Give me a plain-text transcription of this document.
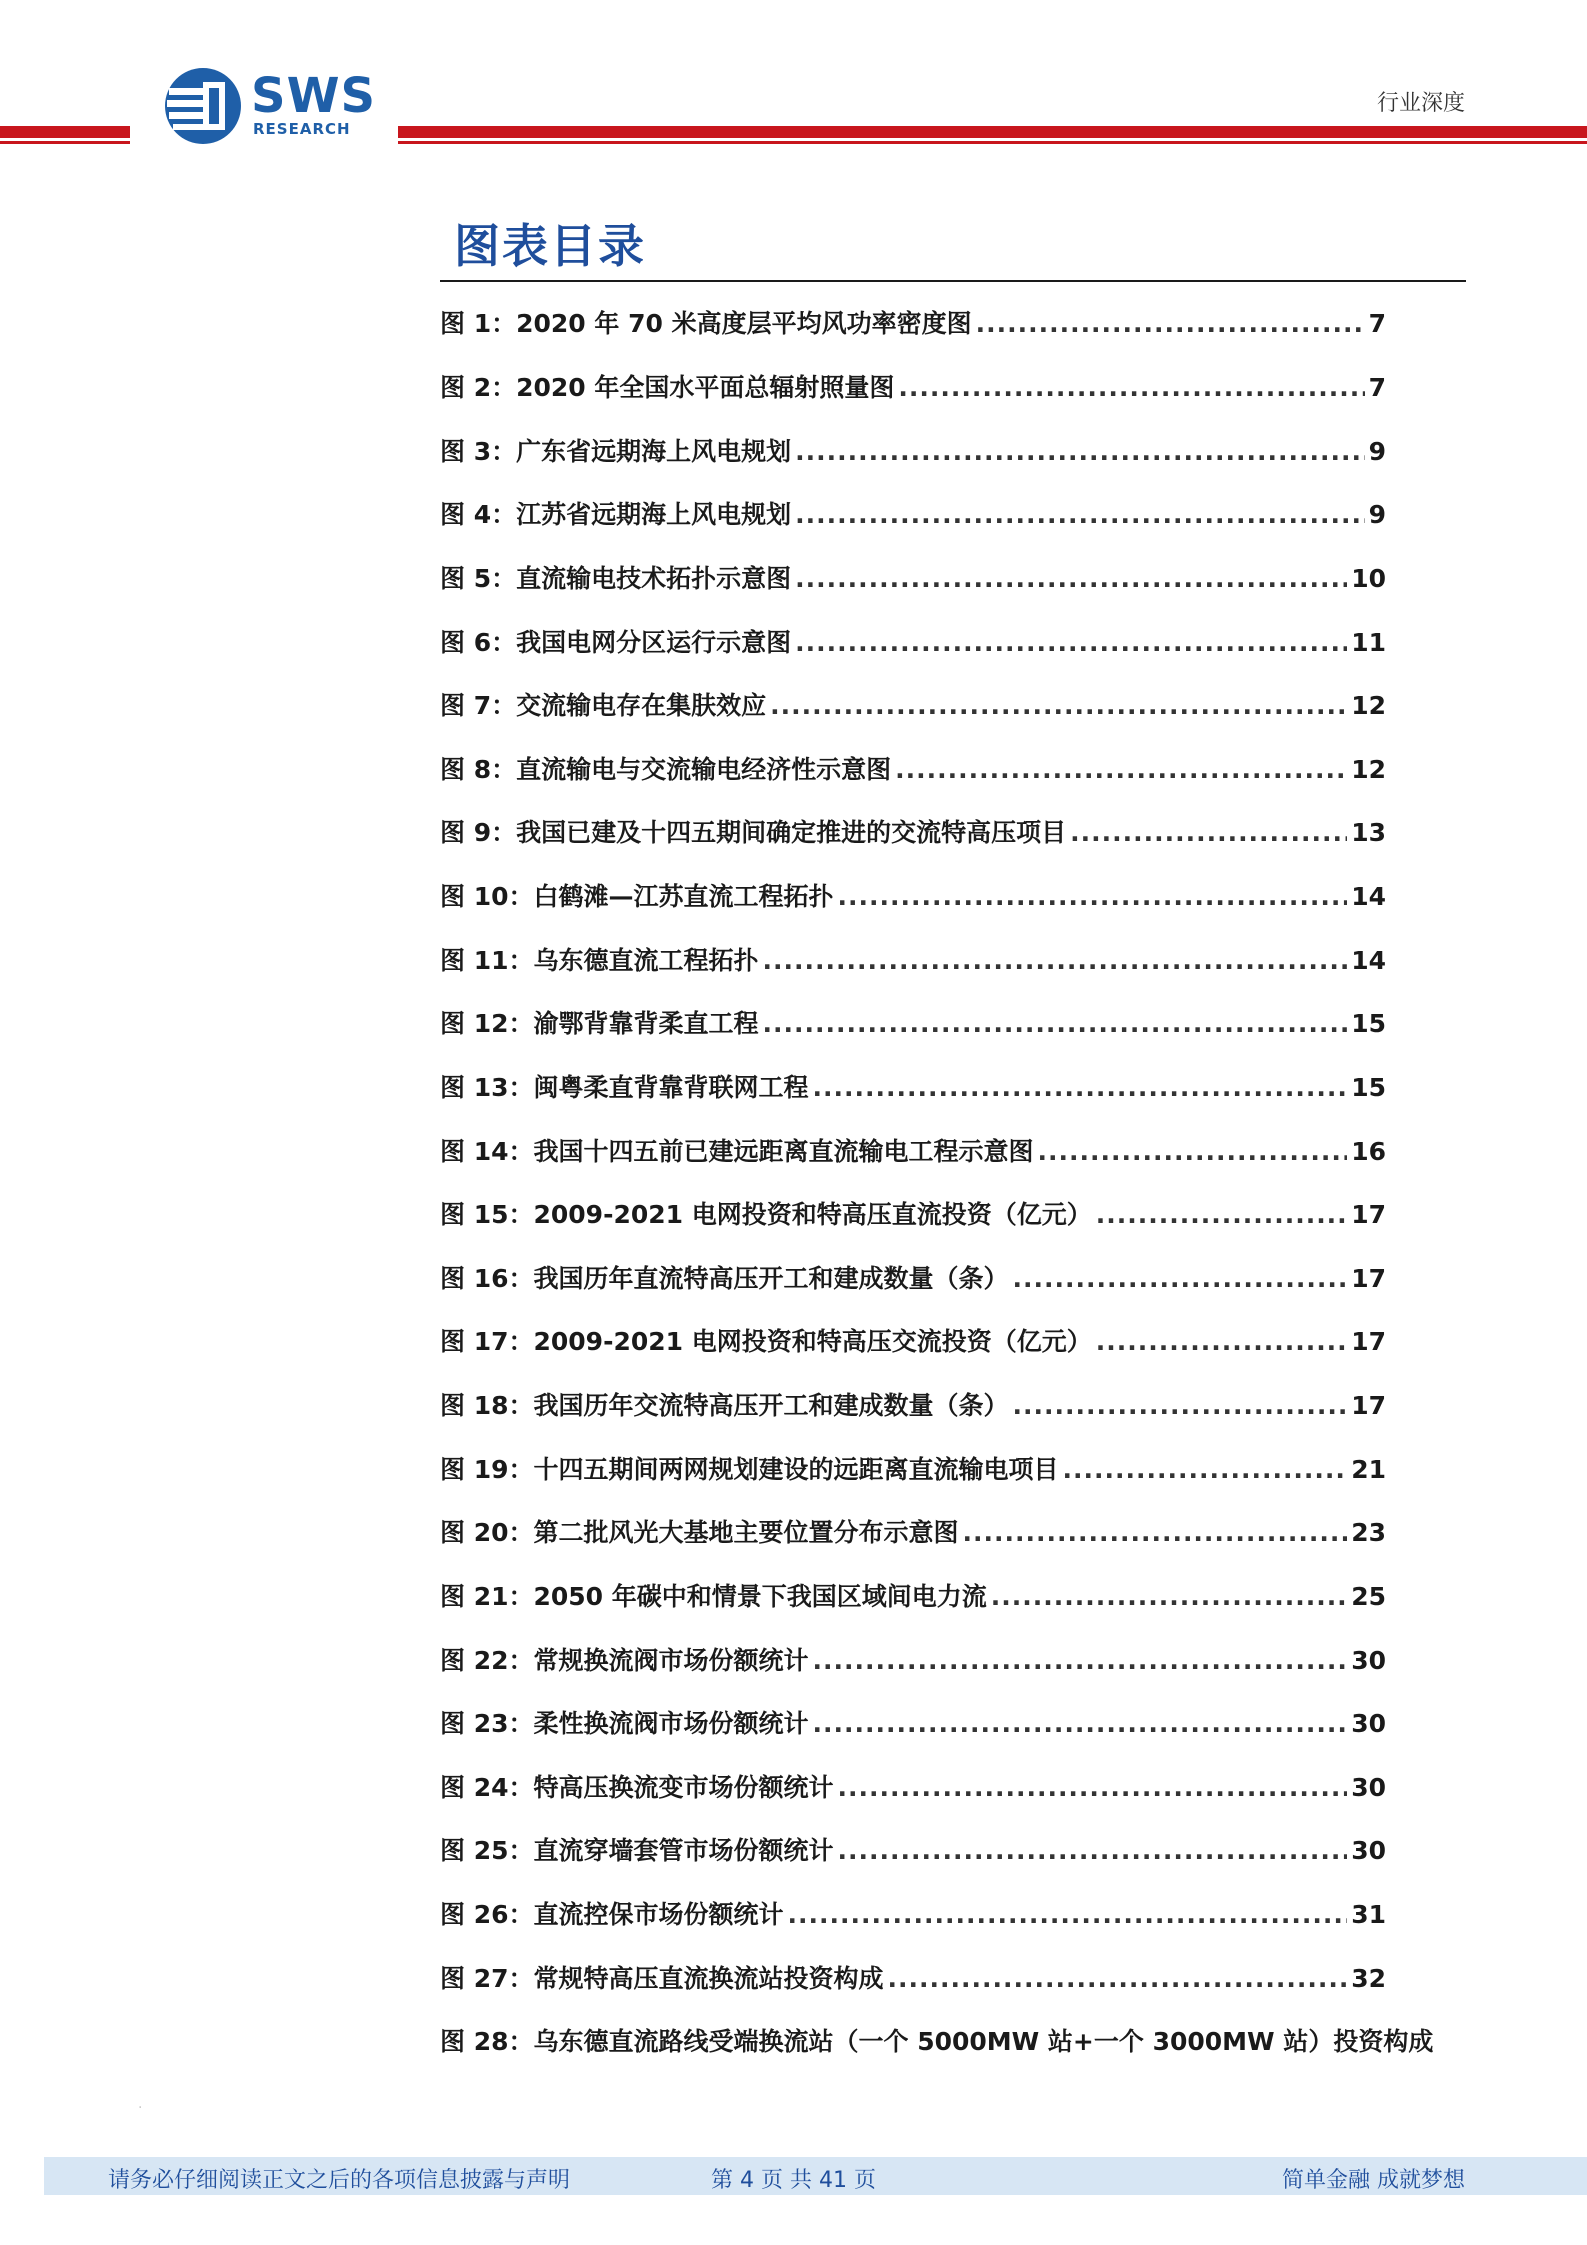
SWS
RESEARCH
行业深度
图表目录
图 1：2020 年 70 米高度层平均风功率密度图 .....	7
图 2：2020 年全国水平面总辐射照量图 .....	7
图 3：广东省远期海上风电规划 .....	9
图 4：江苏省远期海上风电规划 .....	9
图 5：直流输电技术拓扑示意图 .....	10
图 6：我国电网分区运行示意图 .....	11
图 7：交流输电存在集肤效应 .....	12
图 8：直流输电与交流输电经济性示意图 .....	12
图 9：我国已建及十四五期间确定推进的交流特高压项目 .....	13
图 10：白鹤滩—江苏直流工程拓扑 .....	14
图 11：乌东德直流工程拓扑 .....	14
图 12：渝鄂背靠背柔直工程 .....	15
图 13：闽粤柔直背靠背联网工程 .....	15
图 14：我国十四五前已建远距离直流输电工程示意图 .....	16
图 15：2009-2021 电网投资和特高压直流投资（亿元） .....	17
图 16：我国历年直流特高压开工和建成数量（条） .....	17
图 17：2009-2021 电网投资和特高压交流投资（亿元） .....	17
图 18：我国历年交流特高压开工和建成数量（条） .....	17
图 19：十四五期间两网规划建设的远距离直流输电项目 .....	21
图 20：第二批风光大基地主要位置分布示意图 .....	23
图 21：2050 年碳中和情景下我国区域间电力流 .....	25
图 22：常规换流阀市场份额统计 .....	30
图 23：柔性换流阀市场份额统计 .....	30
图 24：特高压换流变市场份额统计 .....	30
图 25：直流穿墙套管市场份额统计 .....	30
图 26：直流控保市场份额统计 .....	31
图 27：常规特高压直流换流站投资构成 .....	32
图 28：乌东德直流路线受端换流站（一个 5000MW 站+一个 3000MW 站）投资构成
·
请务必仔细阅读正文之后的各项信息披露与声明	第 4 页 共 41 页	简单金融 成就梦想
